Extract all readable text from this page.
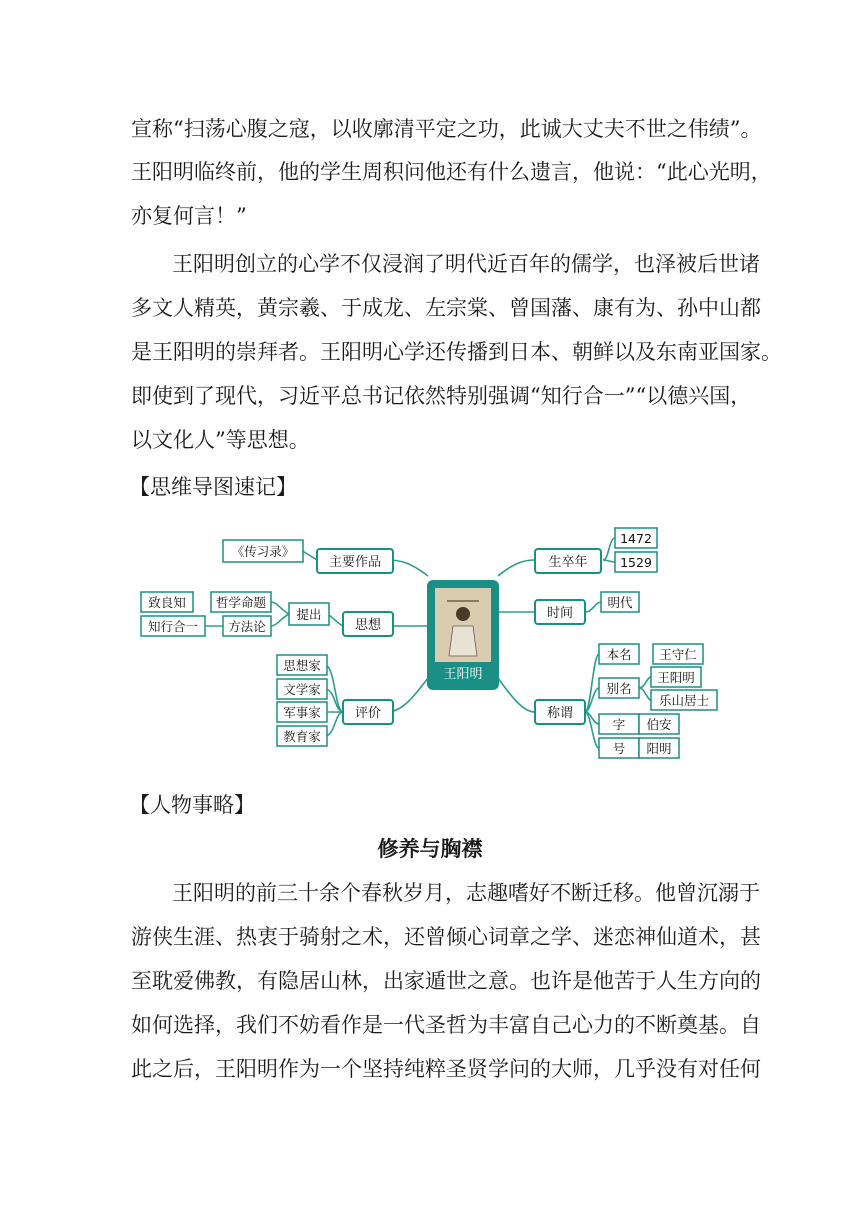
宣称“扫荡心腹之寇，以收廓清平定之功，此诚大丈夫不世之伟绩”。
王阳明临终前，他的学生周积问他还有什么遗言，他说：“此心光明，
亦复何言！”
王阳明创立的心学不仅浸润了明代近百年的儒学，也泽被后世诸
多文人精英，黄宗羲、于成龙、左宗棠、曾国藩、康有为、孙中山都
是王阳明的崇拜者。王阳明心学还传播到日本、朝鲜以及东南亚国家。
即使到了现代，习近平总书记依然特别强调“知行合一”“以德兴国，
以文化人”等思想。
【思维导图速记】
王阳明
主要作品
《传习录》
思想
提出
致良知 哲学命题
知行合一 方法论
评价
思想家
文学家
军事家
教育家
生卒年
1472
1529
时间
明代
称谓
本名 王守仁
别名
王阳明
乐山居士
字 伯安
号 阳明
【人物事略】
修养与胸襟
王阳明的前三十余个春秋岁月，志趣嗜好不断迁移。他曾沉溺于
游侠生涯、热衷于骑射之术，还曾倾心词章之学、迷恋神仙道术，甚
至耽爱佛教，有隐居山林，出家遁世之意。也许是他苦于人生方向的
如何选择，我们不妨看作是一代圣哲为丰富自己心力的不断奠基。自
此之后，王阳明作为一个坚持纯粹圣贤学问的大师，几乎没有对任何
